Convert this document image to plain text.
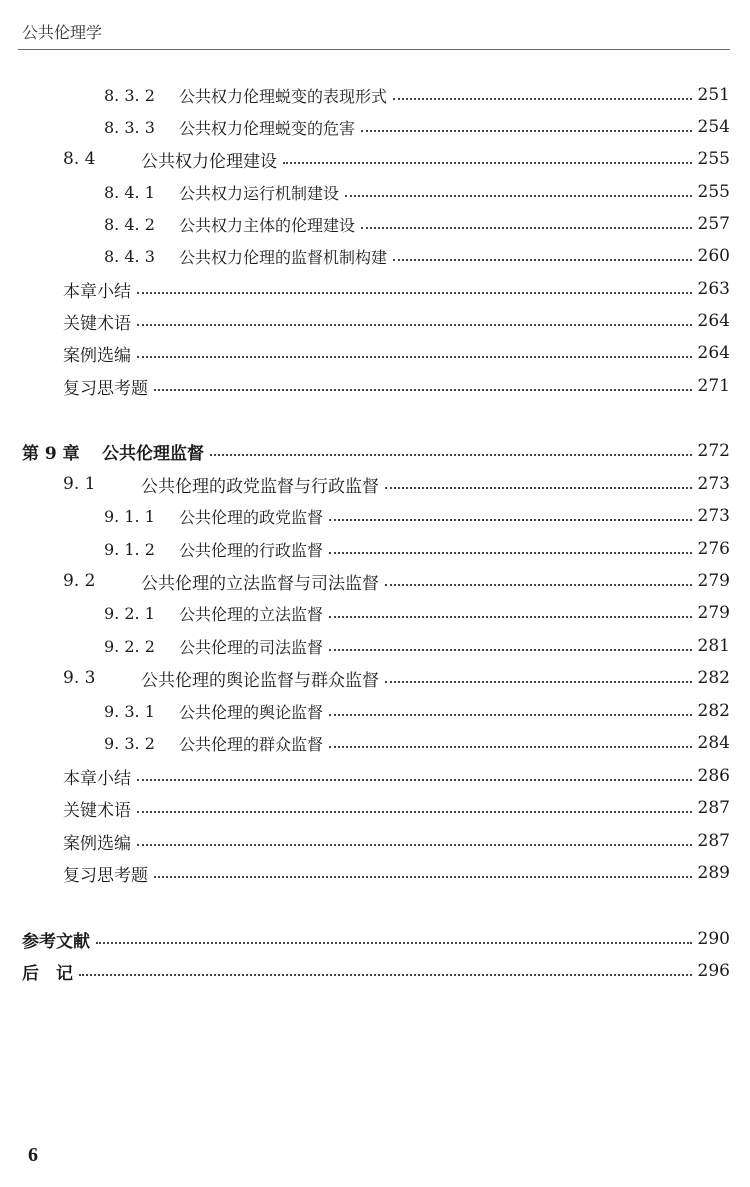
公共伦理学
8. 3. 2	公共权力伦理蜕变的表现形式	251
8. 3. 3	公共权力伦理蜕变的危害	254
8. 4	公共权力伦理建设	255
8. 4. 1	公共权力运行机制建设	255
8. 4. 2	公共权力主体的伦理建设	257
8. 4. 3	公共权力伦理的监督机制构建	260
本章小结	263
关键术语	264
案例选编	264
复习思考题	271
第 9 章 公共伦理监督	272
9. 1	公共伦理的政党监督与行政监督	273
9. 1. 1	公共伦理的政党监督	273
9. 1. 2	公共伦理的行政监督	276
9. 2	公共伦理的立法监督与司法监督	279
9. 2. 1	公共伦理的立法监督	279
9. 2. 2	公共伦理的司法监督	281
9. 3	公共伦理的舆论监督与群众监督	282
9. 3. 1	公共伦理的舆论监督	282
9. 3. 2	公共伦理的群众监督	284
本章小结	286
关键术语	287
案例选编	287
复习思考题	289
参考文献	290
后　记	296
6
